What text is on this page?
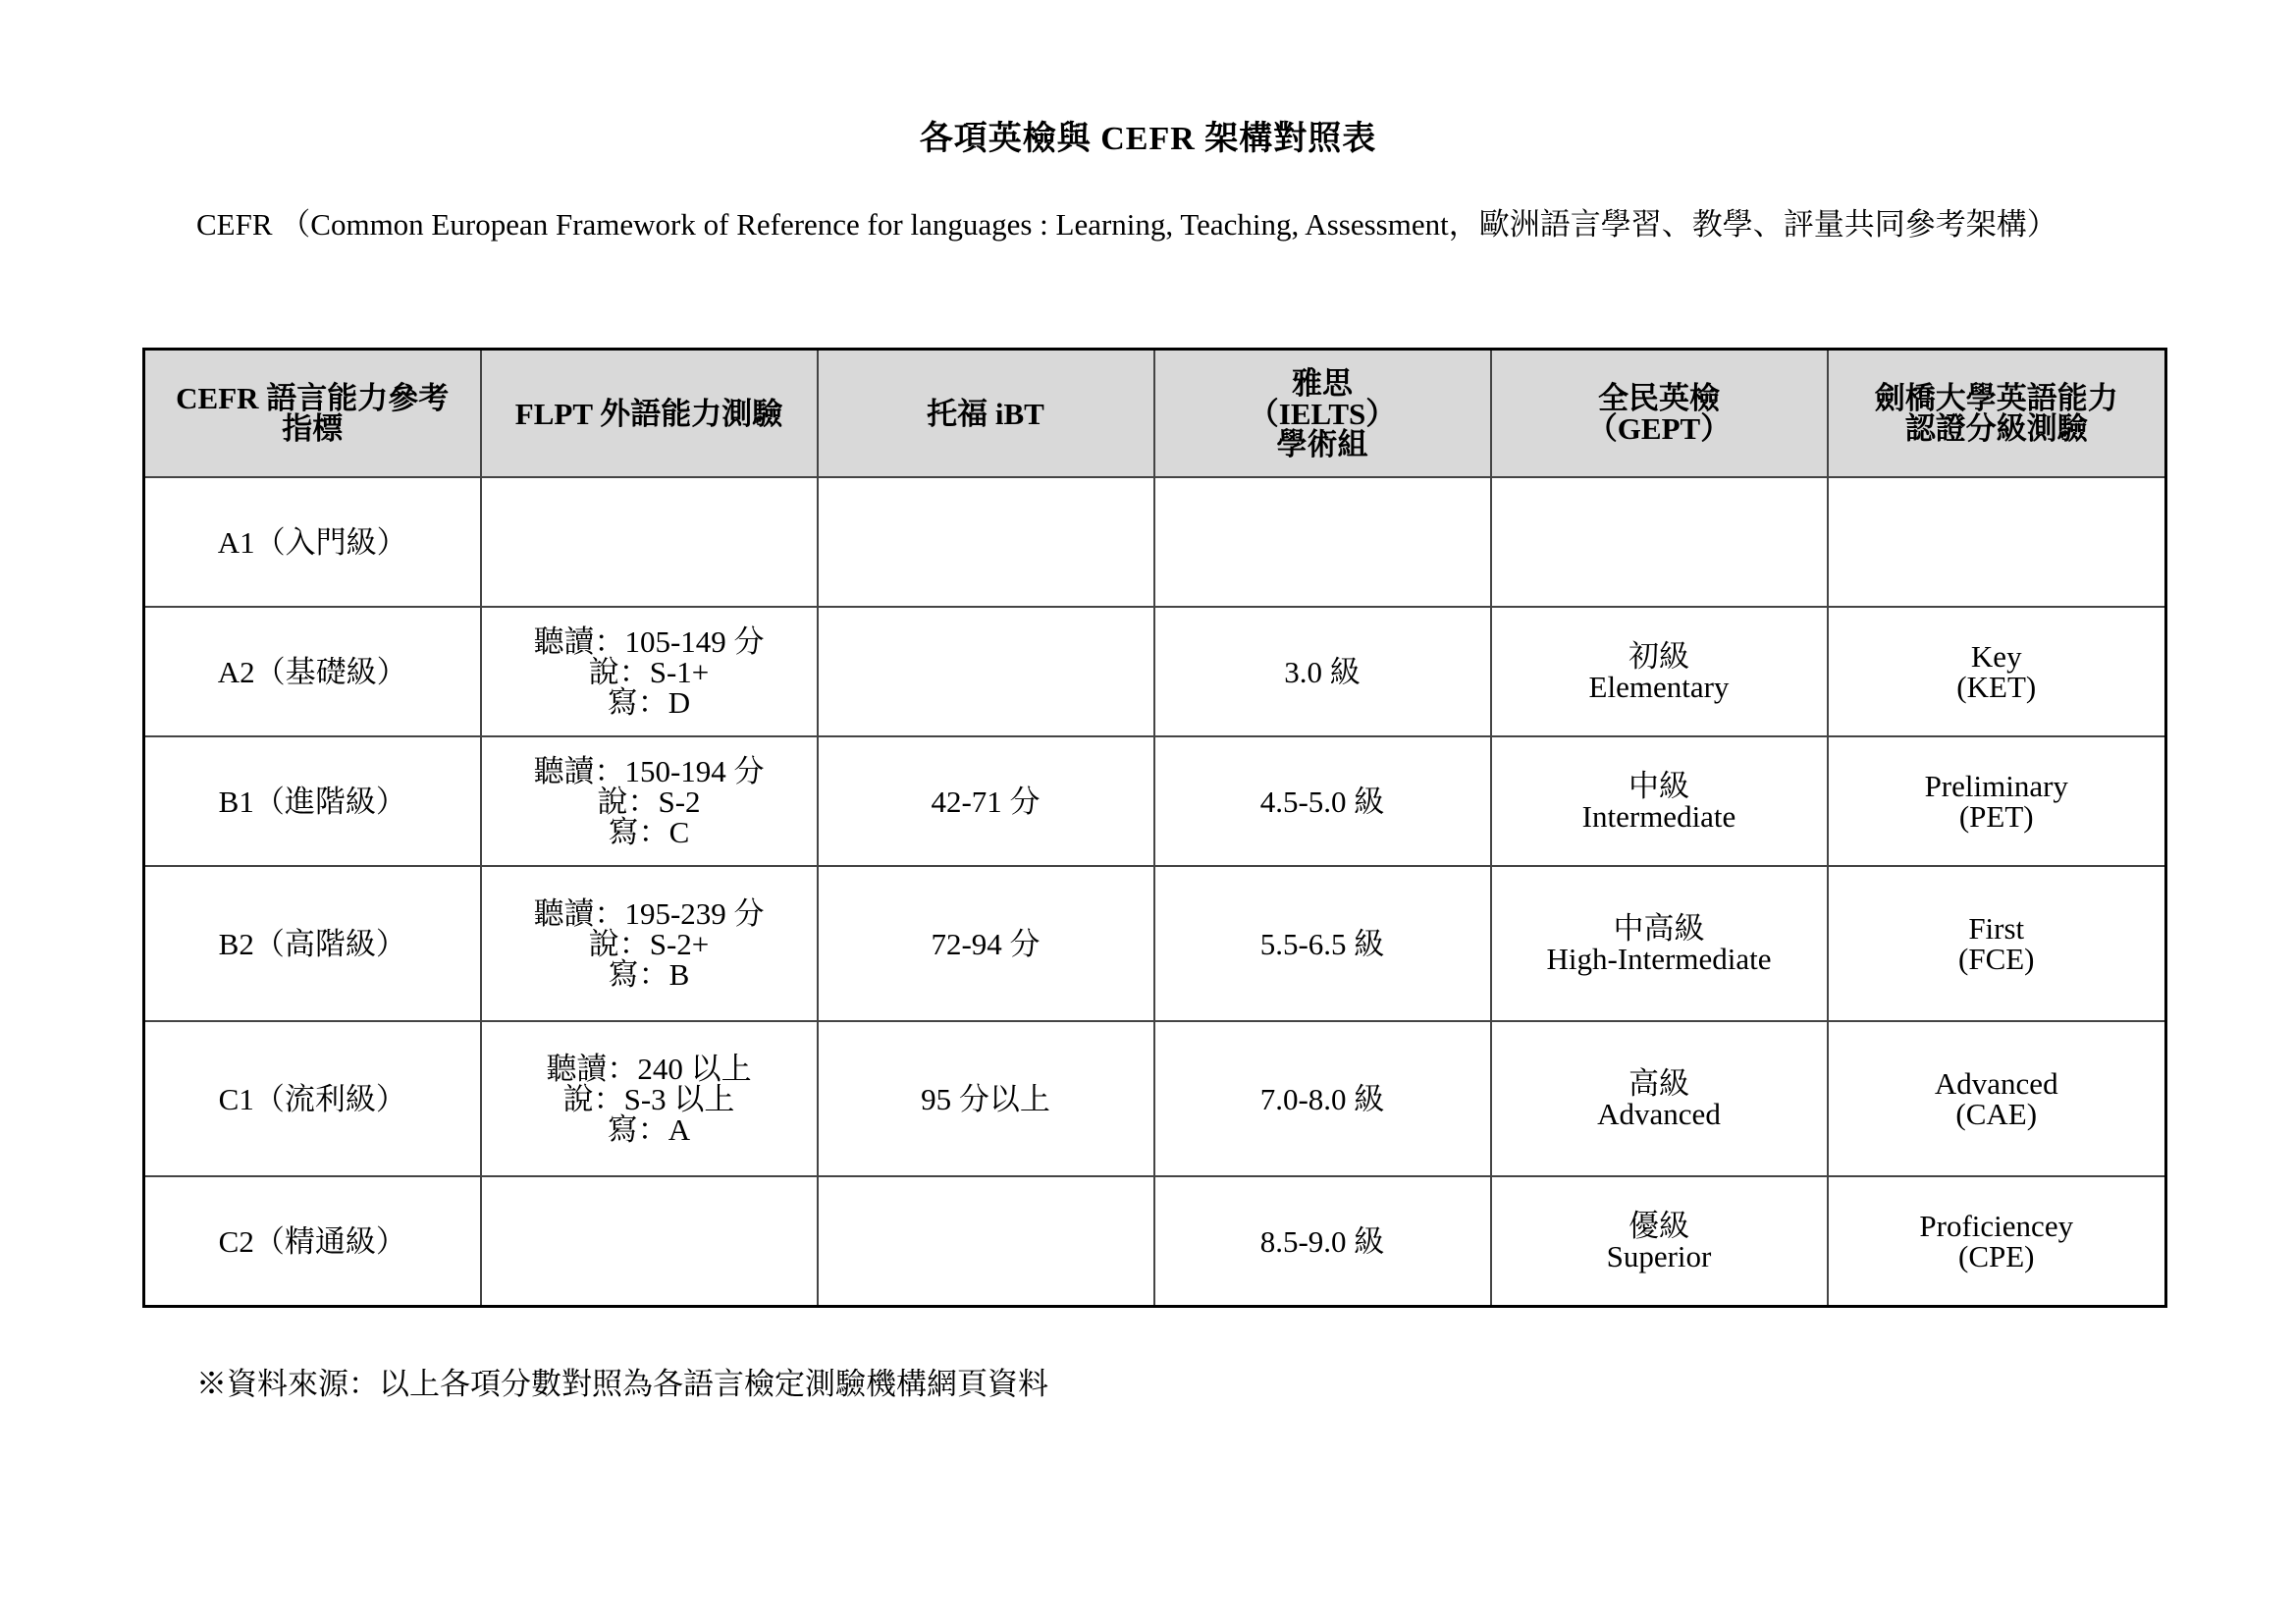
各項英檢與 CEFR 架構對照表
CEFR （Common European Framework of Reference for languages : Learning, Teaching, Assessment，歐洲語言學習、教學、評量共同參考架構）
CEFR 語言能力參考
指標	FLPT 外語能力測驗	托福 iBT	雅思
（IELTS）
學術組	全民英檢
（GEPT）	劍橋大學英語能力
認證分級測驗

A1（入門級）					
A2（基礎級）	聽讀：105-149 分
說：S-1+
寫：D		3.0 級	初級
Elementary	Key
(KET)

B1（進階級）	聽讀：150-194 分
說：S-2
寫：C	42-71 分	4.5-5.0 級	中級
Intermediate	Preliminary
(PET)

B2（高階級）	聽讀：195-239 分
說：S-2+
寫：B	72-94 分	5.5-6.5 級	中高級
High-Intermediate	First
(FCE)

C1（流利級）	聽讀：240 以上
說：S-3 以上
寫：A	95 分以上	7.0-8.0 級	高級
Advanced	Advanced
(CAE)

C2（精通級）			8.5-9.0 級	優級
Superior	Proficiencey
(CPE)
※資料來源：以上各項分數對照為各語言檢定測驗機構網頁資料
